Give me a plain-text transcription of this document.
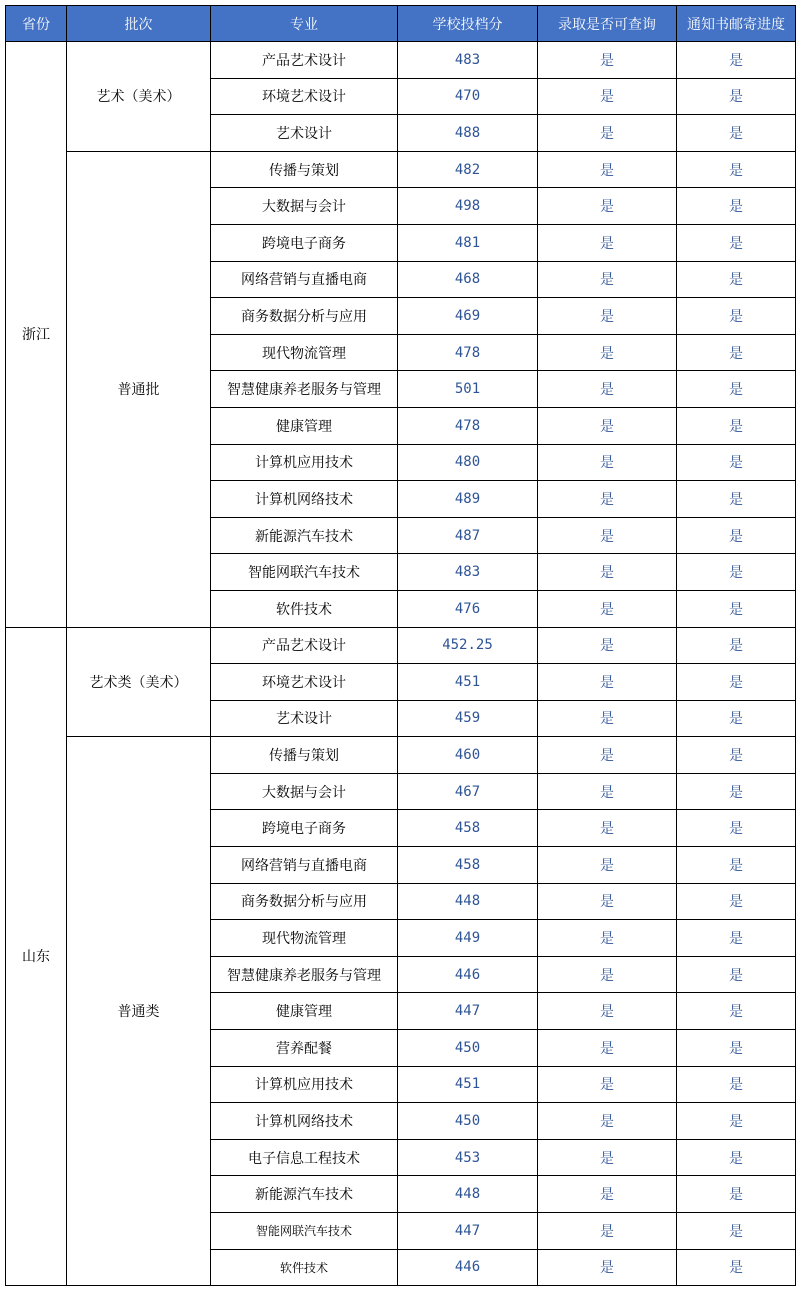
省份	批次	专业	学校投档分	录取是否可查询	通知书邮寄进度
浙江	艺术（美术）	产品艺术设计	483	是	是
		环境艺术设计	470	是	是
		艺术设计	488	是	是
	普通批	传播与策划	482	是	是
		大数据与会计	498	是	是
		跨境电子商务	481	是	是
		网络营销与直播电商	468	是	是
		商务数据分析与应用	469	是	是
		现代物流管理	478	是	是
		智慧健康养老服务与管理	501	是	是
		健康管理	478	是	是
		计算机应用技术	480	是	是
		计算机网络技术	489	是	是
		新能源汽车技术	487	是	是
		智能网联汽车技术	483	是	是
		软件技术	476	是	是
山东	艺术类（美术）	产品艺术设计	452.25	是	是
		环境艺术设计	451	是	是
		艺术设计	459	是	是
	普通类	传播与策划	460	是	是
		大数据与会计	467	是	是
		跨境电子商务	458	是	是
		网络营销与直播电商	458	是	是
		商务数据分析与应用	448	是	是
		现代物流管理	449	是	是
		智慧健康养老服务与管理	446	是	是
		健康管理	447	是	是
		营养配餐	450	是	是
		计算机应用技术	451	是	是
		计算机网络技术	450	是	是
		电子信息工程技术	453	是	是
		新能源汽车技术	448	是	是
		智能网联汽车技术	447	是	是
		软件技术	446	是	是
